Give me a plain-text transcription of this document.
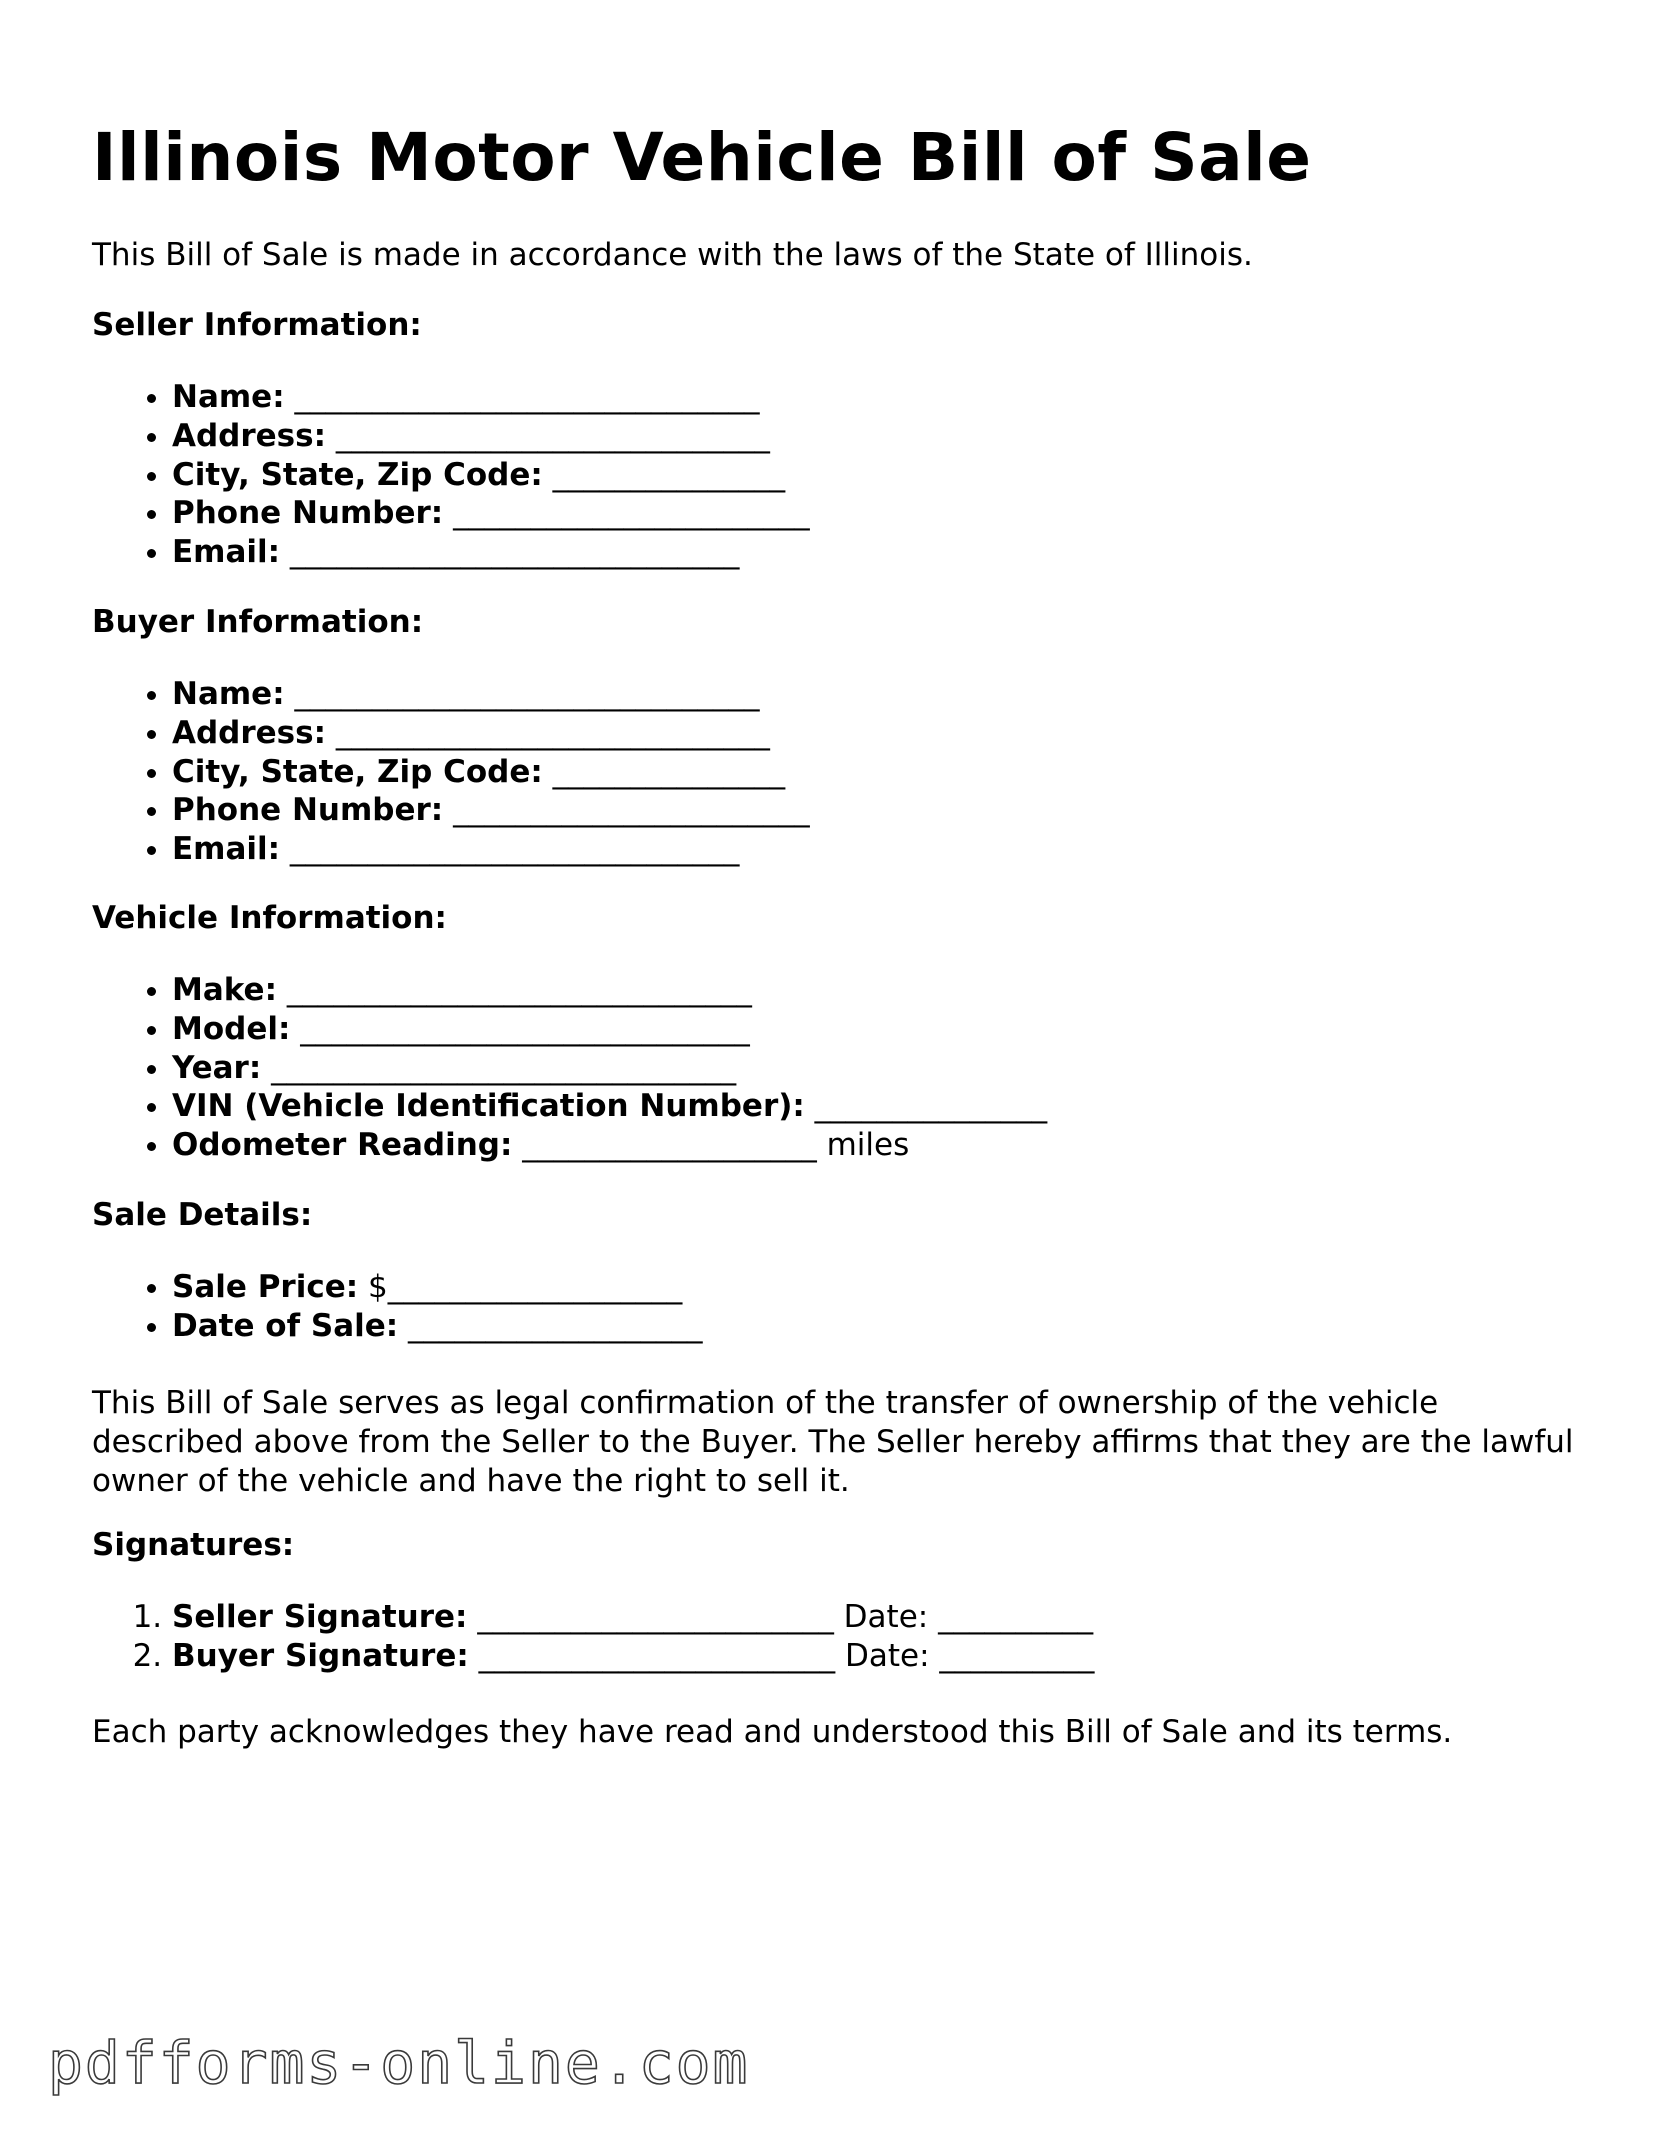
Illinois Motor Vehicle Bill of Sale
This Bill of Sale is made in accordance with the laws of the State of Illinois.
Seller Information:
• Name: ______________________________
• Address: ____________________________
• City, State, Zip Code: _______________
• Phone Number: _______________________
• Email: _____________________________
Buyer Information:
• Name: ______________________________
• Address: ____________________________
• City, State, Zip Code: _______________
• Phone Number: _______________________
• Email: _____________________________
Vehicle Information:
• Make: ______________________________
• Model: _____________________________
• Year: ______________________________
• VIN (Vehicle Identification Number): _______________
• Odometer Reading: ___________________ miles
Sale Details:
• Sale Price: $___________________
• Date of Sale: ___________________
This Bill of Sale serves as legal confirmation of the transfer of ownership of the vehicle described above from the Seller to the Buyer. The Seller hereby affirms that they are the lawful owner of the vehicle and have the right to sell it.
Signatures:
1. Seller Signature: _______________________ Date: __________
2. Buyer Signature: _______________________ Date: __________
Each party acknowledges they have read and understood this Bill of Sale and its terms.
pdfforms-online.com
